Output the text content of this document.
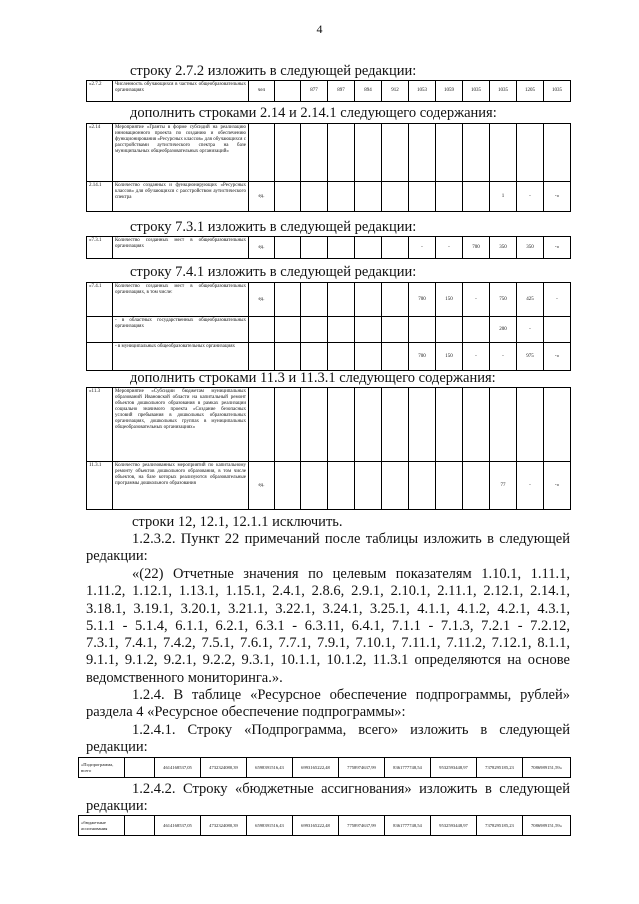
4
строку 2.7.2 изложить в следующей редакции:
«2.7.2	Численность обучающихся в частных общеобразовательных организациях	чел		877	897	894	912	1053	1059	1035	1035	1205	1035
дополнить строками 2.14 и 2.14.1 следующего содержания:
«2.14	Мероприятие «Гранты в форме субсидий на реализацию инновационного проекта по созданию и обеспечению функционирования «Ресурсных классов» для обучающихся с расстройствами аутистического спектра на базе муниципальных общеобразовательных организаций»												
2.14.1	Количество созданных и функционирующих «Ресурсных классов» для обучающихся с расстройством аутистического спектра	ед.									1	-	-»
строку 7.3.1 изложить в следующей редакции:
«7.3.1	Количество созданных мест в общеобразовательных организациях	ед.						-	-	700	350	350	-»
строку 7.4.1 изложить в следующей редакции:
«7.4.1	Количество созданных мест в общеобразовательных организациях, в том числе:	ед.						700	150	-	750	425	-
	- в областных государственных общеобразовательных организациях										200	-	
	- в муниципальных общеобразовательных организациях							700	150	-	-	975	-»
дополнить строками 11.3 и 11.3.1 следующего содержания:
«11.3	Мероприятие «Субсидии бюджетам муниципальных образований Ивановской области на капитальный ремонт объектов дошкольного образования в рамках реализации социально значимого проекта «Создание безопасных условий пребывания в дошкольных образовательных организациях, дошкольных группах в муниципальных общеобразовательных организациях»												
11.3.1	Количество реализованных мероприятий по капитальному ремонту объектов дошкольного образования, в том числе объектов, на базе которых реализуются образовательные программы дошкольного образования	ед.									77	-	-»
строки 12, 12.1, 12.1.1 исключить.
1.2.3.2. Пункт 22 примечаний после таблицы изложить в следующей
редакции:
«(22) Отчетные значения по целевым показателям 1.10.1, 1.11.1,
1.11.2, 1.12.1, 1.13.1, 1.15.1, 2.4.1, 2.8.6, 2.9.1, 2.10.1, 2.11.1, 2.12.1, 2.14.1,
3.18.1, 3.19.1, 3.20.1, 3.21.1, 3.22.1, 3.24.1, 3.25.1, 4.1.1, 4.1.2, 4.2.1, 4.3.1,
5.1.1 - 5.1.4, 6.1.1, 6.2.1, 6.3.1 - 6.3.11, 6.4.1, 7.1.1 - 7.1.3, 7.2.1 - 7.2.12,
7.3.1, 7.4.1, 7.4.2, 7.5.1, 7.6.1, 7.7.1, 7.9.1, 7.10.1, 7.11.1, 7.11.2, 7.12.1, 8.1.1,
9.1.1, 9.1.2, 9.2.1, 9.2.2, 9.3.1, 10.1.1, 10.1.2, 11.3.1 определяются на основе
ведомственного мониторинга.».
1.2.4. В таблице «Ресурсное обеспечение подпрограммы, рублей»
раздела 4 «Ресурсное обеспечение подпрограммы»:
1.2.4.1. Строку «Подпрограмма, всего» изложить в следующей
редакции:
«Подпрограмма, всего		4614168537,05	4732324080,39	6598391516,43	6993165222,48	7758974637,99	8361777748,54	9532593448,97	7378295185,23	7086989151,59»
1.2.4.2. Строку «бюджетные ассигнования» изложить в следующей
редакции:
«бюджетные ассигнования		4614168537,05	4732324080,39	6598391516,43	6993165222,48	7758974637,99	8361777748,54	9532593448,97	7378295185,23	7086989151,59»
